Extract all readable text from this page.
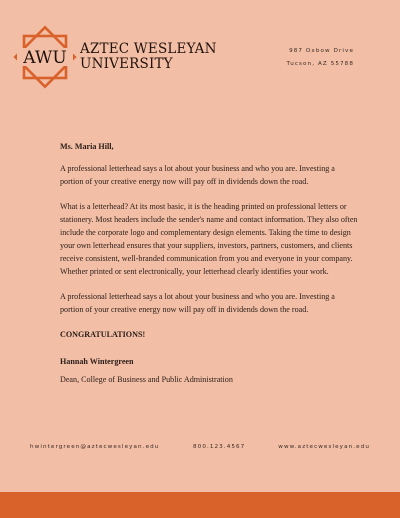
AWU AZTEC WESLEYAN
UNIVERSITY
987 Oxbow Drive
Tucson, AZ 55788

Ms. Maria Hill,

A professional letterhead says a lot about your business and who you are. Investing a portion of your creative energy now will pay off in dividends down the road.

What is a letterhead? At its most basic, it is the heading printed on professional letters or stationery. Most headers include the sender's name and contact information. They also often include the corporate logo and complementary design elements. Taking the time to design your own letterhead ensures that your suppliers, investors, partners, customers, and clients receive consistent, well-branded communication from you and everyone in your company. Whether printed or sent electronically, your letterhead clearly identifies your work.

A professional letterhead says a lot about your business and who you are. Investing a portion of your creative energy now will pay off in dividends down the road.

CONGRATULATIONS!

Hannah Wintergreen

Dean, College of Business and Public Administration

hwintergreen@aztecwesleyan.edu	800.123.4567	www.aztecwesleyan.edu
